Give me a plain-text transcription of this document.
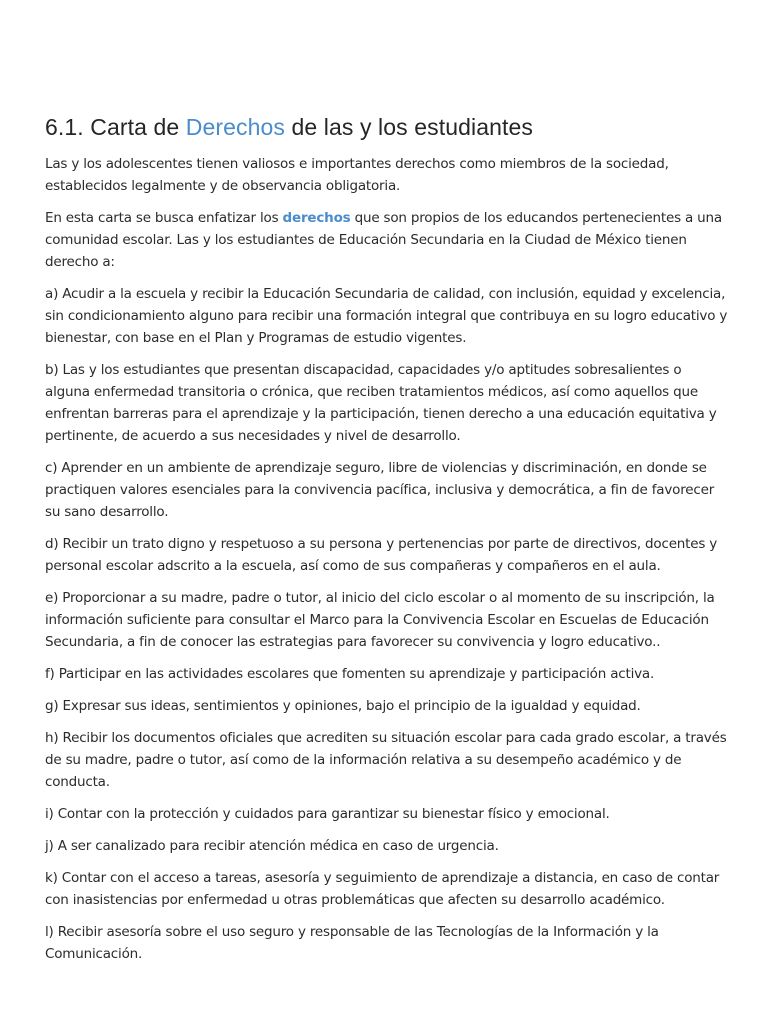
6.1. Carta de Derechos de las y los estudiantes

Las y los adolescentes tienen valiosos e importantes derechos como miembros de la sociedad, establecidos legalmente y de observancia obligatoria.

En esta carta se busca enfatizar los derechos que son propios de los educandos pertenecientes a una comunidad escolar. Las y los estudiantes de Educación Secundaria en la Ciudad de México tienen derecho a:

a) Acudir a la escuela y recibir la Educación Secundaria de calidad, con inclusión, equidad y excelencia, sin condicionamiento alguno para recibir una formación integral que contribuya en su logro educativo y bienestar, con base en el Plan y Programas de estudio vigentes.

b) Las y los estudiantes que presentan discapacidad, capacidades y/o aptitudes sobresalientes o alguna enfermedad transitoria o crónica, que reciben tratamientos médicos, así como aquellos que enfrentan barreras para el aprendizaje y la participación, tienen derecho a una educación equitativa y pertinente, de acuerdo a sus necesidades y nivel de desarrollo.

c) Aprender en un ambiente de aprendizaje seguro, libre de violencias y discriminación, en donde se practiquen valores esenciales para la convivencia pacífica, inclusiva y democrática, a fin de favorecer su sano desarrollo.

d) Recibir un trato digno y respetuoso a su persona y pertenencias por parte de directivos, docentes y personal escolar adscrito a la escuela, así como de sus compañeras y compañeros en el aula.

e) Proporcionar a su madre, padre o tutor, al inicio del ciclo escolar o al momento de su inscripción, la información suficiente para consultar el Marco para la Convivencia Escolar en Escuelas de Educación Secundaria, a fin de conocer las estrategias para favorecer su convivencia y logro educativo..

f) Participar en las actividades escolares que fomenten su aprendizaje y participación activa.

g) Expresar sus ideas, sentimientos y opiniones, bajo el principio de la igualdad y equidad.

h) Recibir los documentos oficiales que acrediten su situación escolar para cada grado escolar, a través de su madre, padre o tutor, así como de la información relativa a su desempeño académico y de conducta.

i) Contar con la protección y cuidados para garantizar su bienestar físico y emocional.

j) A ser canalizado para recibir atención médica en caso de urgencia.

k) Contar con el acceso a tareas, asesoría y seguimiento de aprendizaje a distancia, en caso de contar con inasistencias por enfermedad u otras problemáticas que afecten su desarrollo académico.

l) Recibir asesoría sobre el uso seguro y responsable de las Tecnologías de la Información y la Comunicación.
